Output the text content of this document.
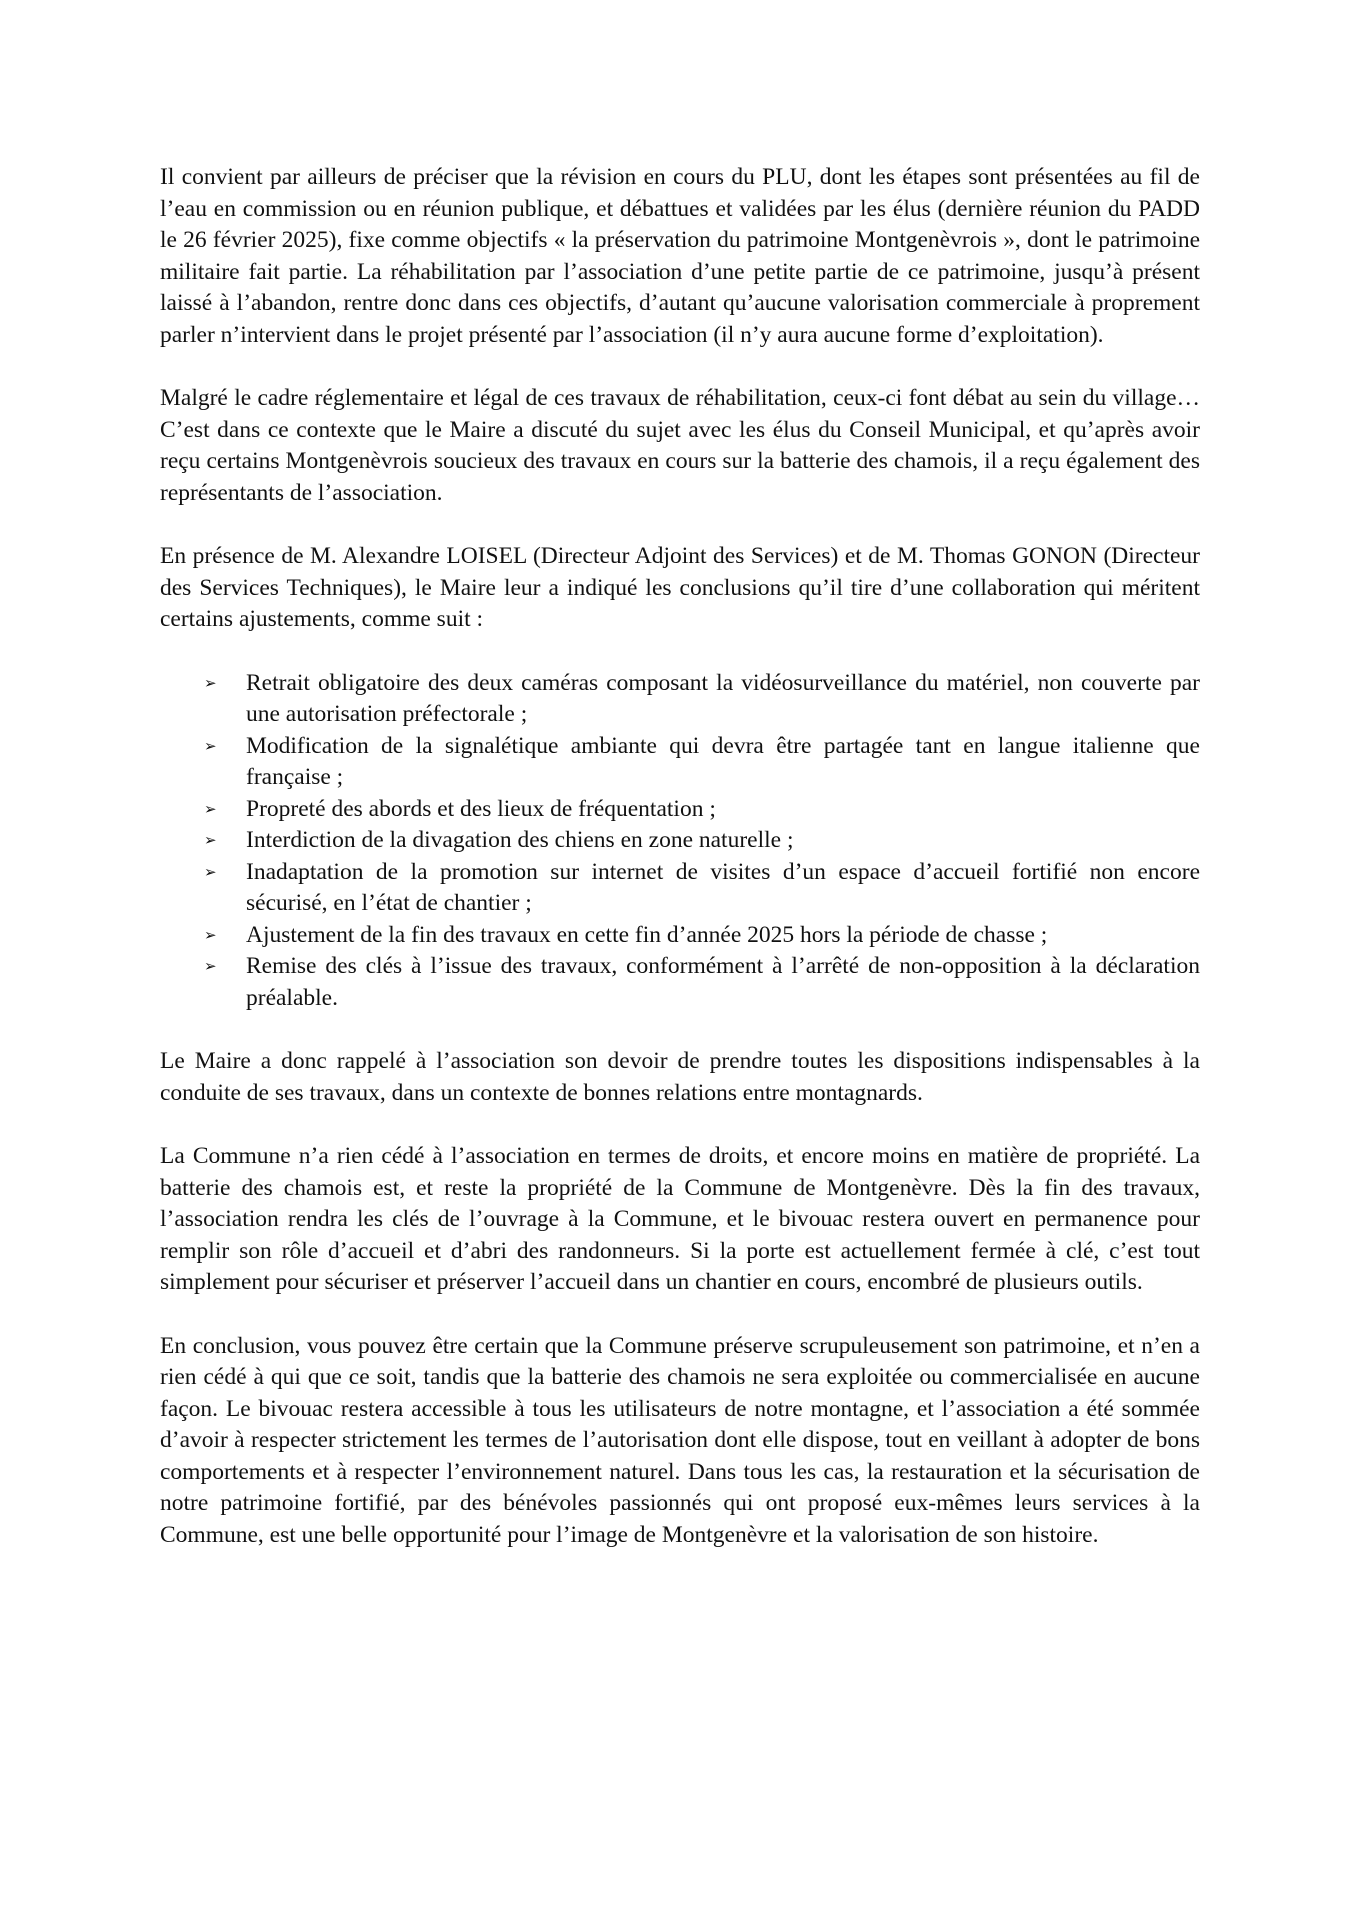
Il convient par ailleurs de préciser que la révision en cours du PLU, dont les étapes sont présentées au fil de l’eau en commission ou en réunion publique, et débattues et validées par les élus (dernière réunion du PADD le 26 février 2025), fixe comme objectifs « la préservation du patrimoine Montgenèvrois », dont le patrimoine militaire fait partie. La réhabilitation par l’association d’une petite partie de ce patrimoine, jusqu’à présent laissé à l’abandon, rentre donc dans ces objectifs, d’autant qu’aucune valorisation commerciale à proprement parler n’intervient dans le projet présenté par l’association (il n’y aura aucune forme d’exploitation).

Malgré le cadre réglementaire et légal de ces travaux de réhabilitation, ceux-ci font débat au sein du village… C’est dans ce contexte que le Maire a discuté du sujet avec les élus du Conseil Municipal, et qu’après avoir reçu certains Montgenèvrois soucieux des travaux en cours sur la batterie des chamois, il a reçu également des représentants de l’association.

En présence de M. Alexandre LOISEL (Directeur Adjoint des Services) et de M. Thomas GONON (Directeur des Services Techniques), le Maire leur a indiqué les conclusions qu’il tire d’une collaboration qui méritent certains ajustements, comme suit :

➢ Retrait obligatoire des deux caméras composant la vidéosurveillance du matériel, non couverte par une autorisation préfectorale ;
➢ Modification de la signalétique ambiante qui devra être partagée tant en langue italienne que française ;
➢ Propreté des abords et des lieux de fréquentation ;
➢ Interdiction de la divagation des chiens en zone naturelle ;
➢ Inadaptation de la promotion sur internet de visites d’un espace d’accueil fortifié non encore sécurisé, en l’état de chantier ;
➢ Ajustement de la fin des travaux en cette fin d’année 2025 hors la période de chasse ;
➢ Remise des clés à l’issue des travaux, conformément à l’arrêté de non-opposition à la déclaration préalable.

Le Maire a donc rappelé à l’association son devoir de prendre toutes les dispositions indispensables à la conduite de ses travaux, dans un contexte de bonnes relations entre montagnards.

La Commune n’a rien cédé à l’association en termes de droits, et encore moins en matière de propriété. La batterie des chamois est, et reste la propriété de la Commune de Montgenèvre. Dès la fin des travaux, l’association rendra les clés de l’ouvrage à la Commune, et le bivouac restera ouvert en permanence pour remplir son rôle d’accueil et d’abri des randonneurs. Si la porte est actuellement fermée à clé, c’est tout simplement pour sécuriser et préserver l’accueil dans un chantier en cours, encombré de plusieurs outils.

En conclusion, vous pouvez être certain que la Commune préserve scrupuleusement son patrimoine, et n’en a rien cédé à qui que ce soit, tandis que la batterie des chamois ne sera exploitée ou commercialisée en aucune façon. Le bivouac restera accessible à tous les utilisateurs de notre montagne, et l’association a été sommée d’avoir à respecter strictement les termes de l’autorisation dont elle dispose, tout en veillant à adopter de bons comportements et à respecter l’environnement naturel. Dans tous les cas, la restauration et la sécurisation de notre patrimoine fortifié, par des bénévoles passionnés qui ont proposé eux-mêmes leurs services à la Commune, est une belle opportunité pour l’image de Montgenèvre et la valorisation de son histoire.
